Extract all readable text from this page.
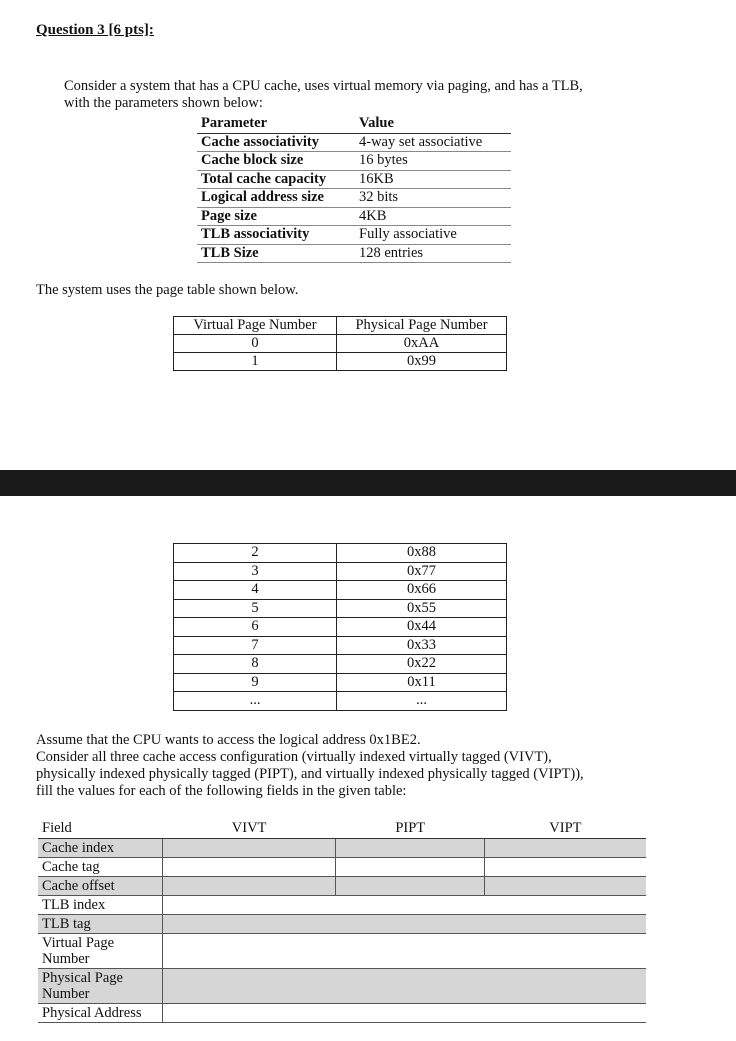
Question 3 [6 pts]:
Consider a system that has a CPU cache, uses virtual memory via paging, and has a TLB,
with the parameters shown below:
Parameter	Value
Cache associativity	4-way set associative
Cache block size	16 bytes
Total cache capacity	16KB
Logical address size	32 bits
Page size	4KB
TLB associativity	Fully associative
TLB Size	128 entries
The system uses the page table shown below.
Virtual Page Number	Physical Page Number
0	0xAA
1	0x99
2	0x88
3	0x77
4	0x66
5	0x55
6	0x44
7	0x33
8	0x22
9	0x11
...	...
Assume that the CPU wants to access the logical address 0x1BE2.
Consider all three cache access configuration (virtually indexed virtually tagged (VIVT),
physically indexed physically tagged (PIPT), and virtually indexed physically tagged (VIPT)),
fill the values for each of the following fields in the given table:
Field	VIVT	PIPT	VIPT
Cache index			
Cache tag			
Cache offset			
TLB index			
TLB tag			
Virtual Page Number			
Physical Page Number			
Physical Address			
